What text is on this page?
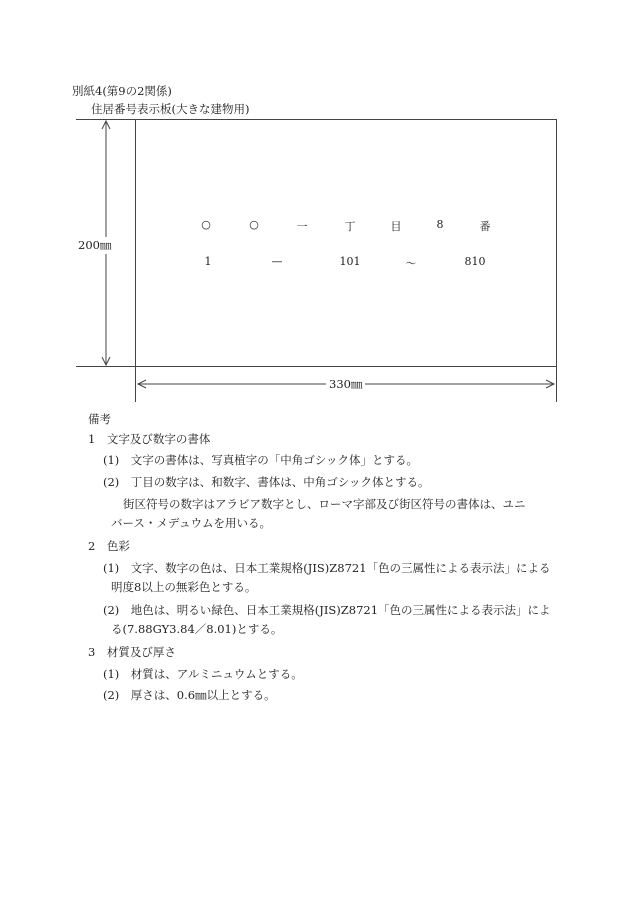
別紙4(第9の2関係)
住居番号表示板(大きな建物用)
200㎜
330㎜
○	○	一	丁	目	8	番
1	—	101	～	810
備考
1　文字及び数字の書体
(1)　文字の書体は、写真植字の「中角ゴシック体」とする。
(2)　丁目の数字は、和数字、書体は、中角ゴシック体とする。
街区符号の数字はアラビア数字とし、ローマ字部及び街区符号の書体は、ユニ
バース・メデュウムを用いる。
2　色彩
(1)　文字、数字の色は、日本工業規格(JIS)Z8721「色の三属性による表示法」による
明度8以上の無彩色とする。
(2)　地色は、明るい緑色、日本工業規格(JIS)Z8721「色の三属性による表示法」によ
る(7.88GY3.84／8.01)とする。
3　材質及び厚さ
(1)　材質は、アルミニュウムとする。
(2)　厚さは、0.6㎜以上とする。
